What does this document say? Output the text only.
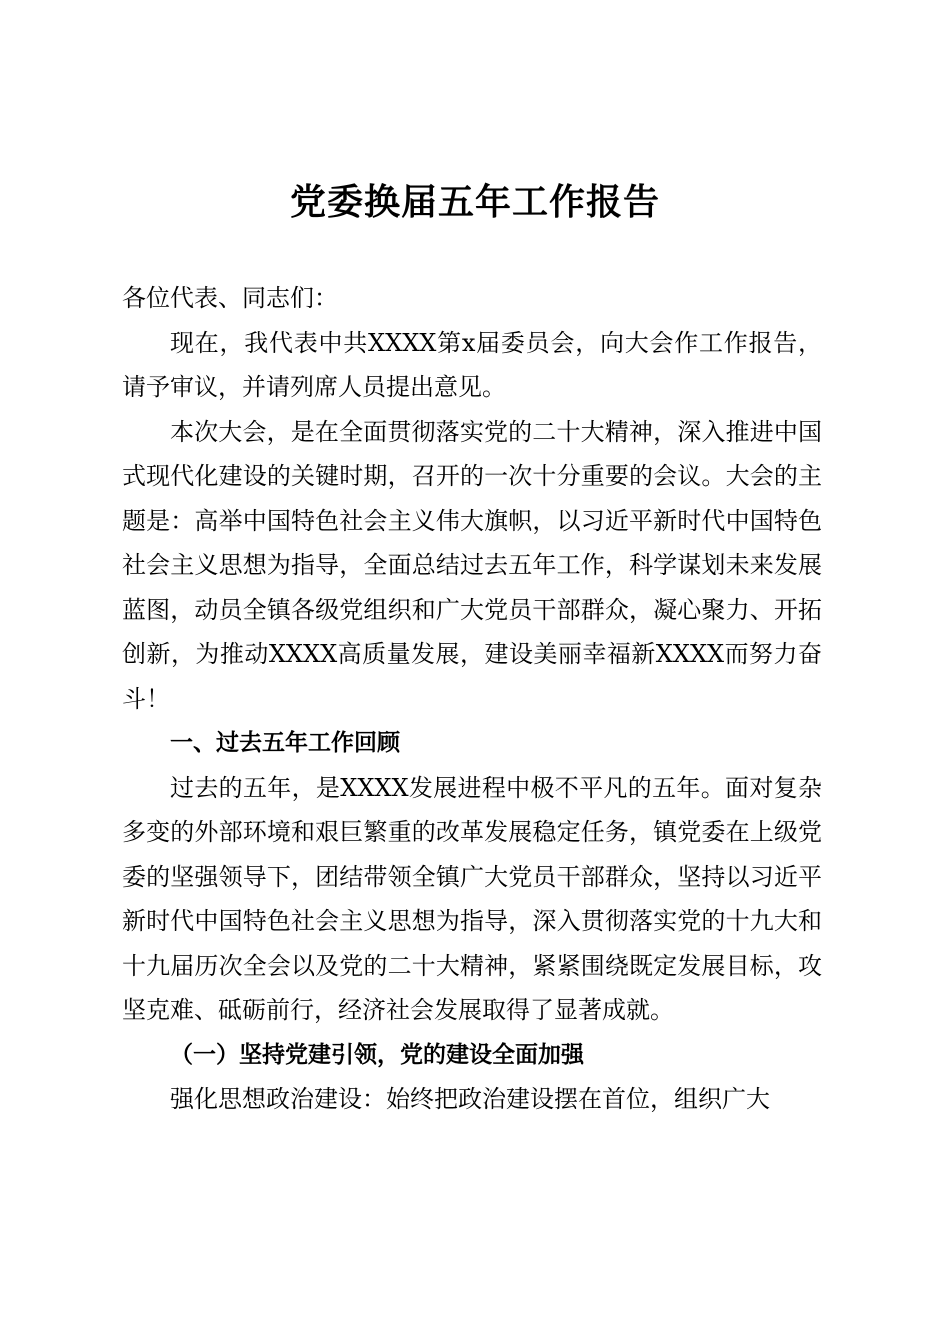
党委换届五年工作报告

各位代表、同志们：

现在，我代表中共XXXX第x届委员会，向大会作工作报告，请予审议，并请列席人员提出意见。

本次大会，是在全面贯彻落实党的二十大精神，深入推进中国式现代化建设的关键时期，召开的一次十分重要的会议。大会的主题是：高举中国特色社会主义伟大旗帜，以习近平新时代中国特色社会主义思想为指导，全面总结过去五年工作，科学谋划未来发展蓝图，动员全镇各级党组织和广大党员干部群众，凝心聚力、开拓创新，为推动XXXX高质量发展，建设美丽幸福新XXXX而努力奋斗！

一、过去五年工作回顾

过去的五年，是XXXX发展进程中极不平凡的五年。面对复杂多变的外部环境和艰巨繁重的改革发展稳定任务，镇党委在上级党委的坚强领导下，团结带领全镇广大党员干部群众，坚持以习近平新时代中国特色社会主义思想为指导，深入贯彻落实党的十九大和十九届历次全会以及党的二十大精神，紧紧围绕既定发展目标，攻坚克难、砥砺前行，经济社会发展取得了显著成就。

（一）坚持党建引领，党的建设全面加强

强化思想政治建设：始终把政治建设摆在首位，组织广大
